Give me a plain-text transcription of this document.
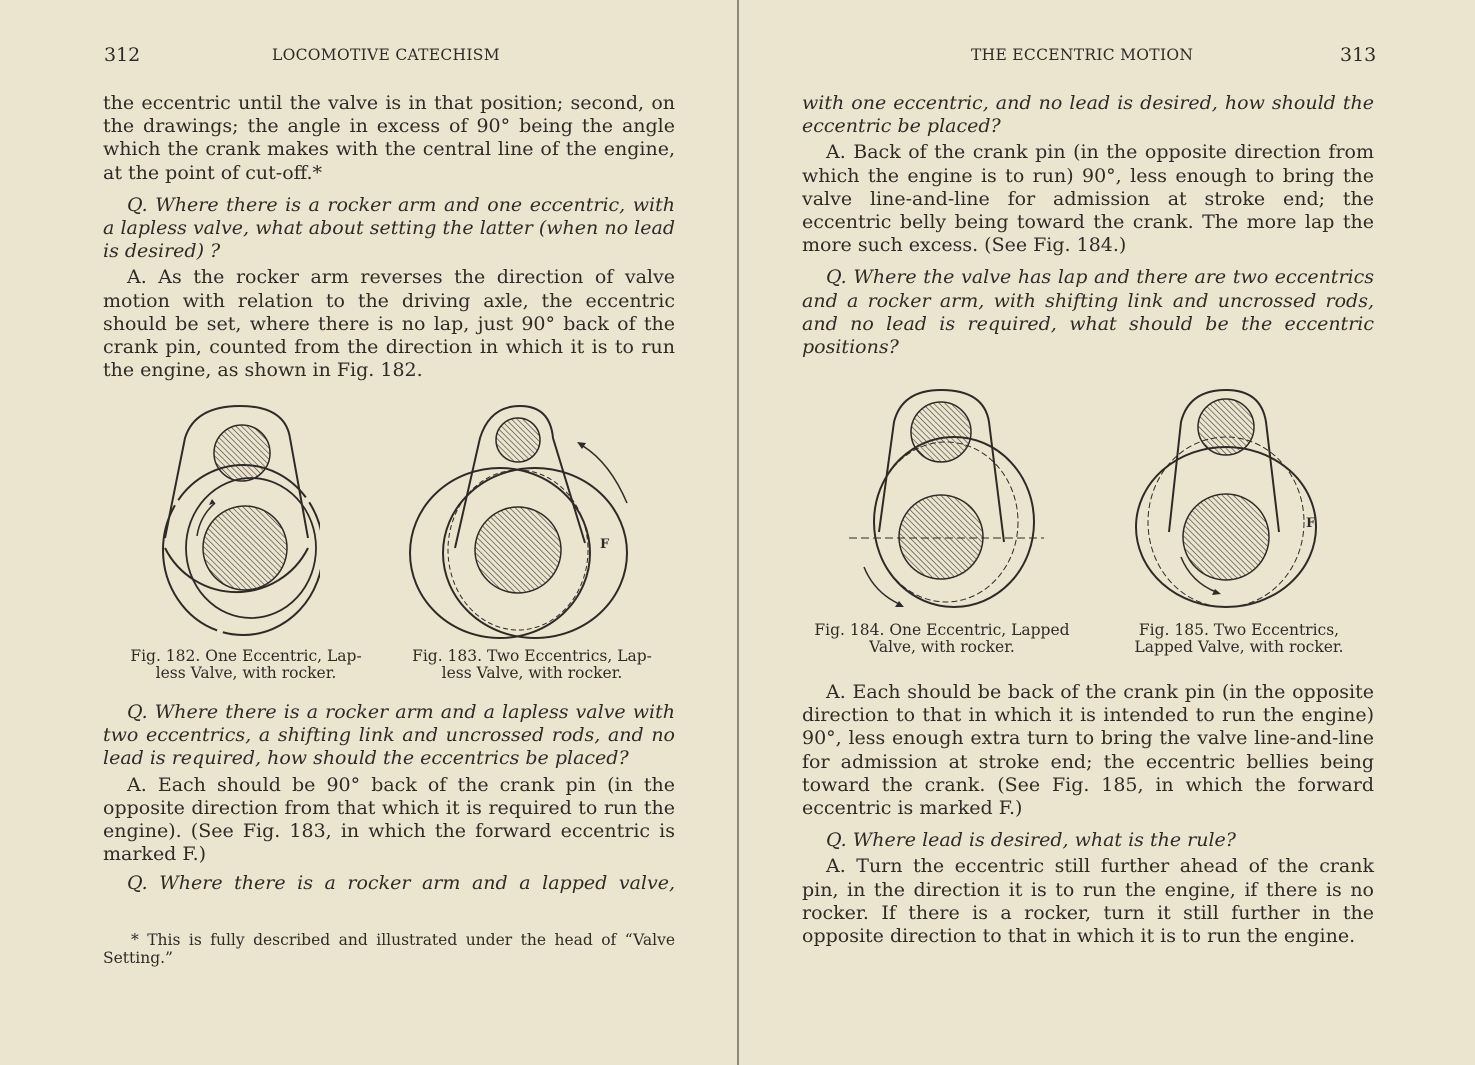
312	LOCOMOTIVE CATECHISM

the eccentric until the valve is in that position; second, on the drawings; the angle in excess of 90° being the angle which the crank makes with the central line of the engine, at the point of cut-off.*

Q. Where there is a rocker arm and one eccentric, with a lapless valve, what about setting the latter (when no lead is desired) ?

A. As the rocker arm reverses the direction of valve motion with relation to the driving axle, the eccentric should be set, where there is no lap, just 90° back of the crank pin, counted from the direction in which it is to run the engine, as shown in Fig. 182.

F
Fig. 182. One Eccentric, Lap-
less Valve, with rocker.
Fig. 183. Two Eccentrics, Lap-
less Valve, with rocker.

Q. Where there is a rocker arm and a lapless valve with two eccentrics, a shifting link and uncrossed rods, and no lead is required, how should the eccentrics be placed?

A. Each should be 90° back of the crank pin (in the opposite direction from that which it is required to run the engine). (See Fig. 183, in which the forward eccentric is marked F.)

Q. Where there is a rocker arm and a lapped valve,

* This is fully described and illustrated under the head of “Valve Setting.”

THE ECCENTRIC MOTION	313

with one eccentric, and no lead is desired, how should the eccentric be placed?

A. Back of the crank pin (in the opposite direction from which the engine is to run) 90°, less enough to bring the valve line-and-line for admission at stroke end; the eccentric belly being toward the crank. The more lap the more such excess. (See Fig. 184.)

Q. Where the valve has lap and there are two eccentrics and a rocker arm, with shifting link and uncrossed rods, and no lead is required, what should be the eccentric positions?

F
Fig. 184. One Eccentric, Lapped
Valve, with rocker.
Fig. 185. Two Eccentrics,
Lapped Valve, with rocker.

A. Each should be back of the crank pin (in the opposite direction to that in which it is intended to run the engine) 90°, less enough extra turn to bring the valve line-and-line for admission at stroke end; the eccentric bellies being toward the crank. (See Fig. 185, in which the forward eccentric is marked F.)

Q. Where lead is desired, what is the rule?

A. Turn the eccentric still further ahead of the crank pin, in the direction it is to run the engine, if there is no rocker. If there is a rocker, turn it still further in the opposite direction to that in which it is to run the engine.
